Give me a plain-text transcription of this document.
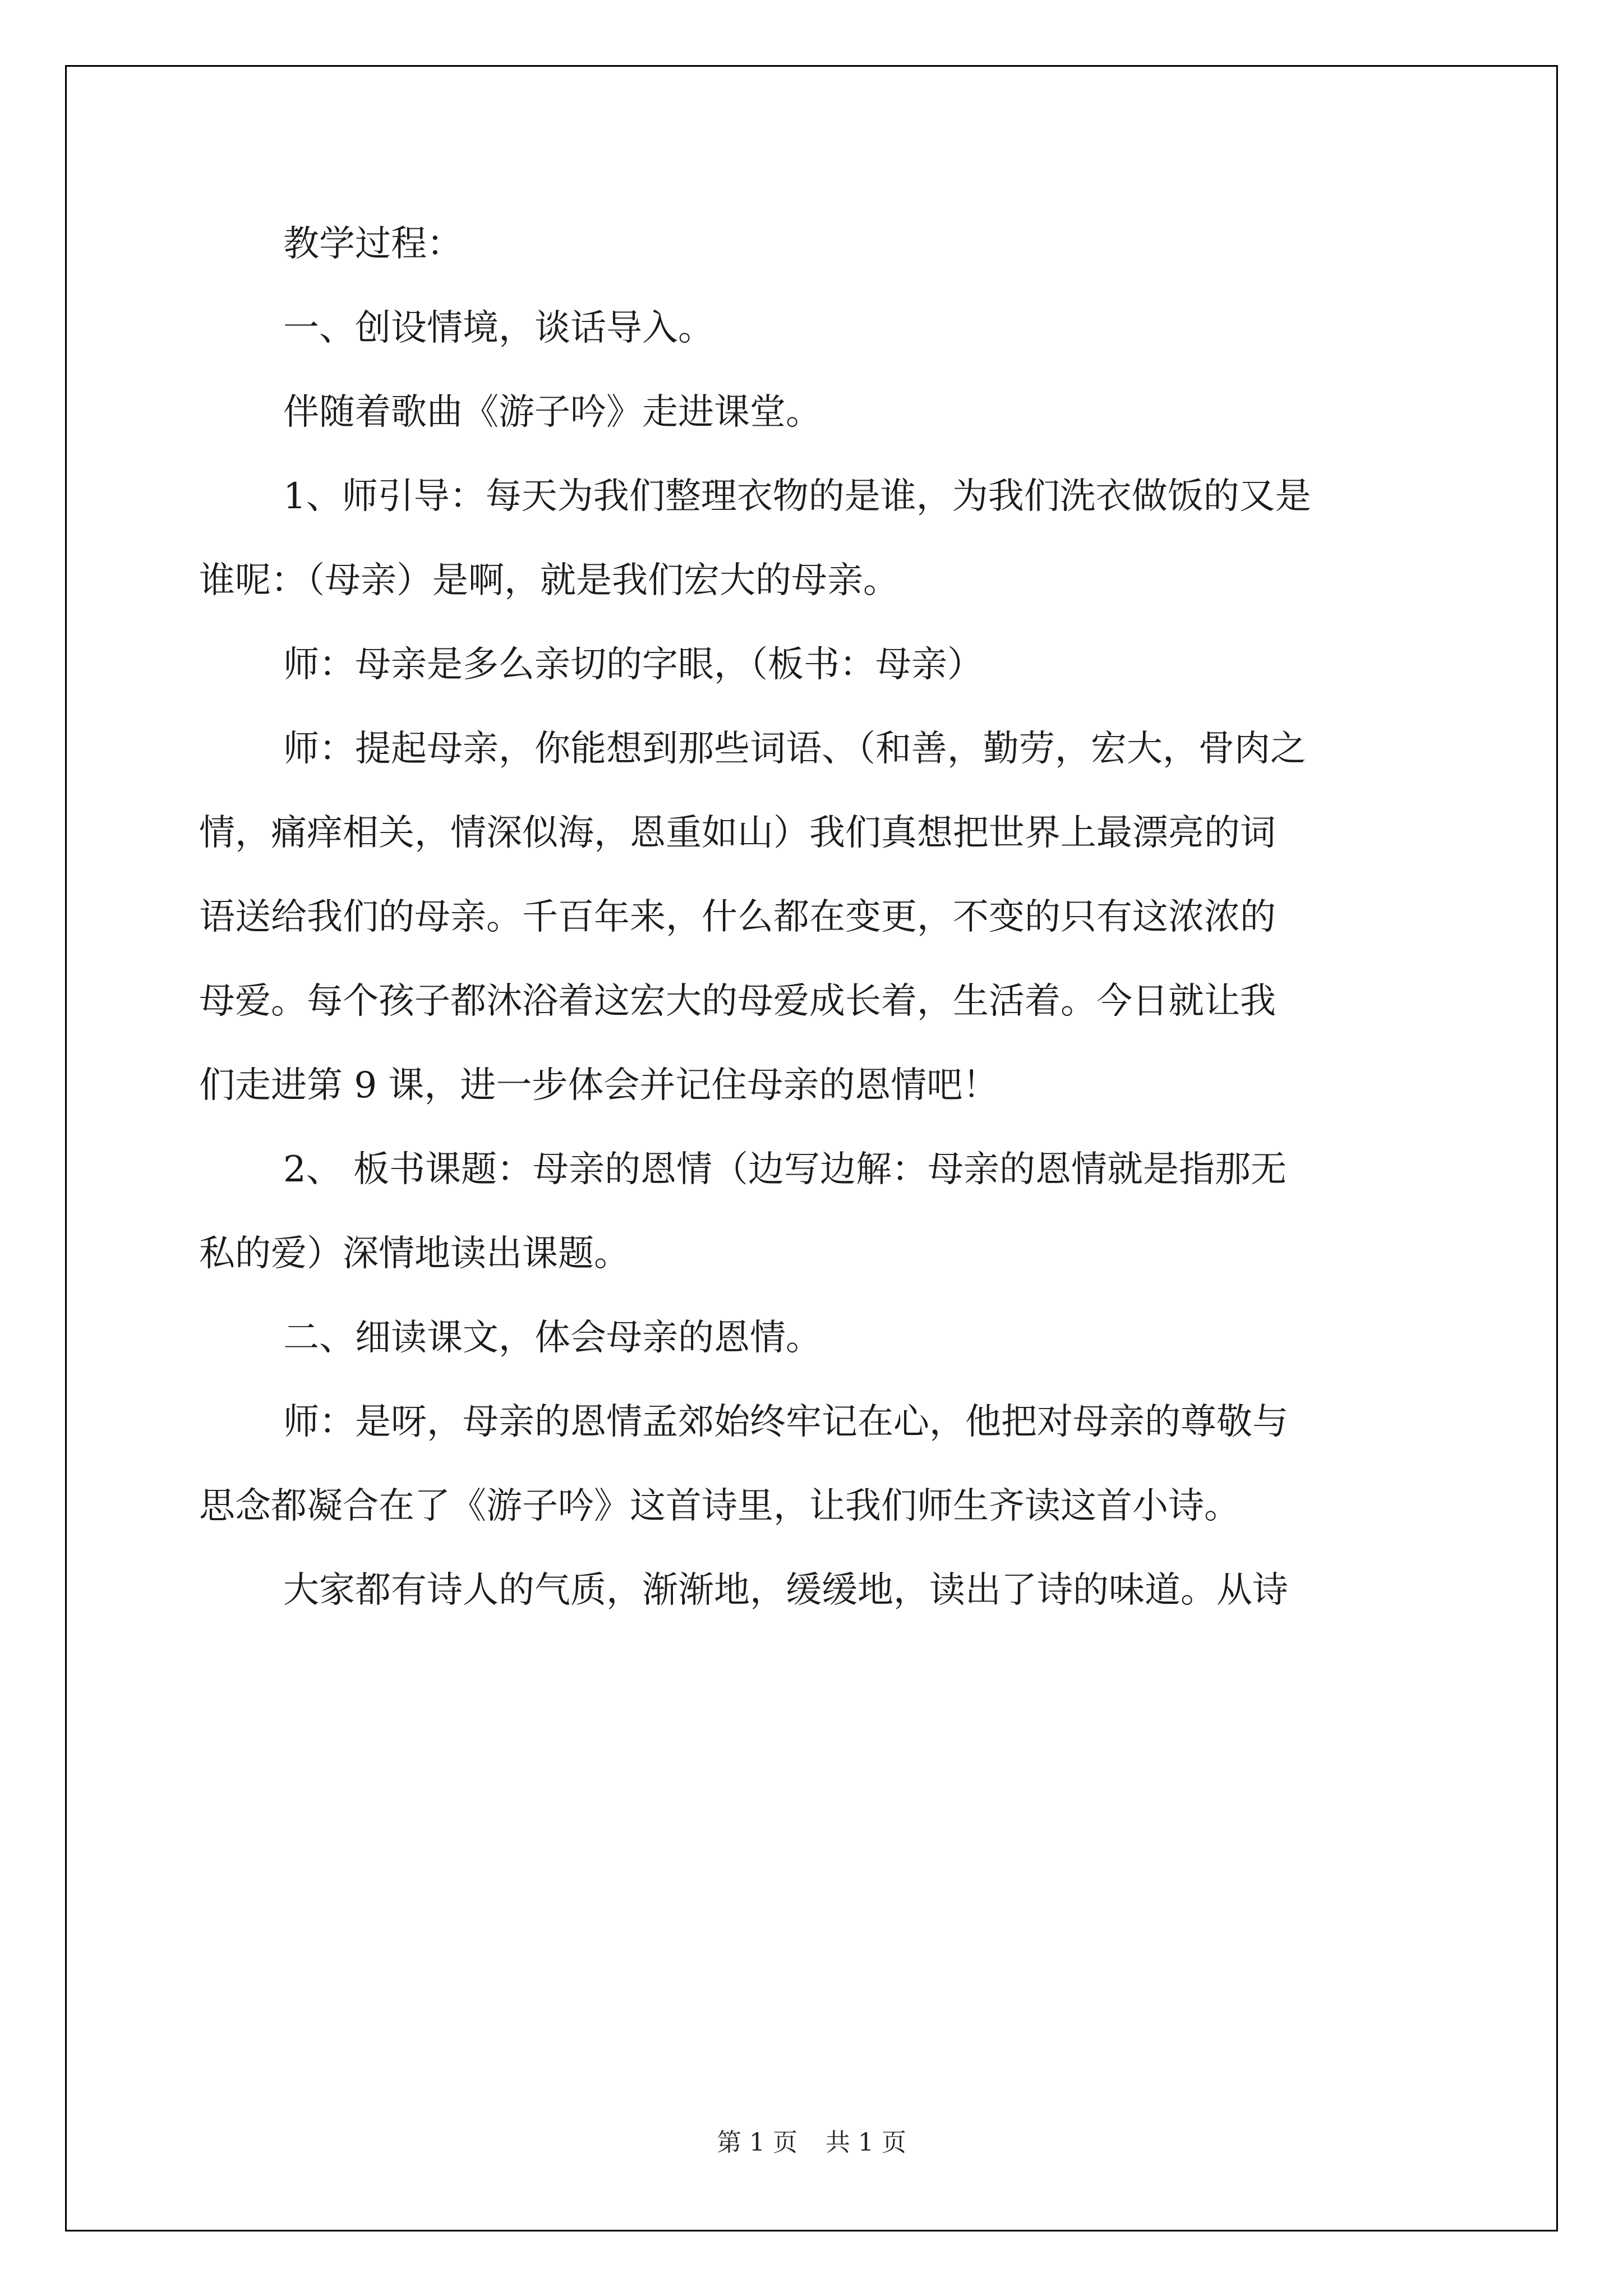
教学过程：

一、创设情境，谈话导入。

伴随着歌曲《游子吟》走进课堂。

1、师引导：每天为我们整理衣物的是谁，为我们洗衣做饭的又是
谁呢：（母亲）是啊，就是我们宏大的母亲。

师：母亲是多么亲切的字眼，（板书：母亲）

师：提起母亲，你能想到那些词语、（和善，勤劳，宏大，骨肉之
情，痛痒相关，情深似海，恩重如山）我们真想把世界上最漂亮的词
语送给我们的母亲。千百年来，什么都在变更，不变的只有这浓浓的
母爱。每个孩子都沐浴着这宏大的母爱成长着，生活着。今日就让我
们走进第 9 课，进一步体会并记住母亲的恩情吧！

2、 板书课题：母亲的恩情（边写边解：母亲的恩情就是指那无
私的爱）深情地读出课题。

二、细读课文，体会母亲的恩情。

师：是呀，母亲的恩情孟郊始终牢记在心，他把对母亲的尊敬与
思念都凝合在了《游子吟》这首诗里，让我们师生齐读这首小诗。

大家都有诗人的气质，渐渐地，缓缓地，读出了诗的味道。从诗

第 1 页 共 1 页
